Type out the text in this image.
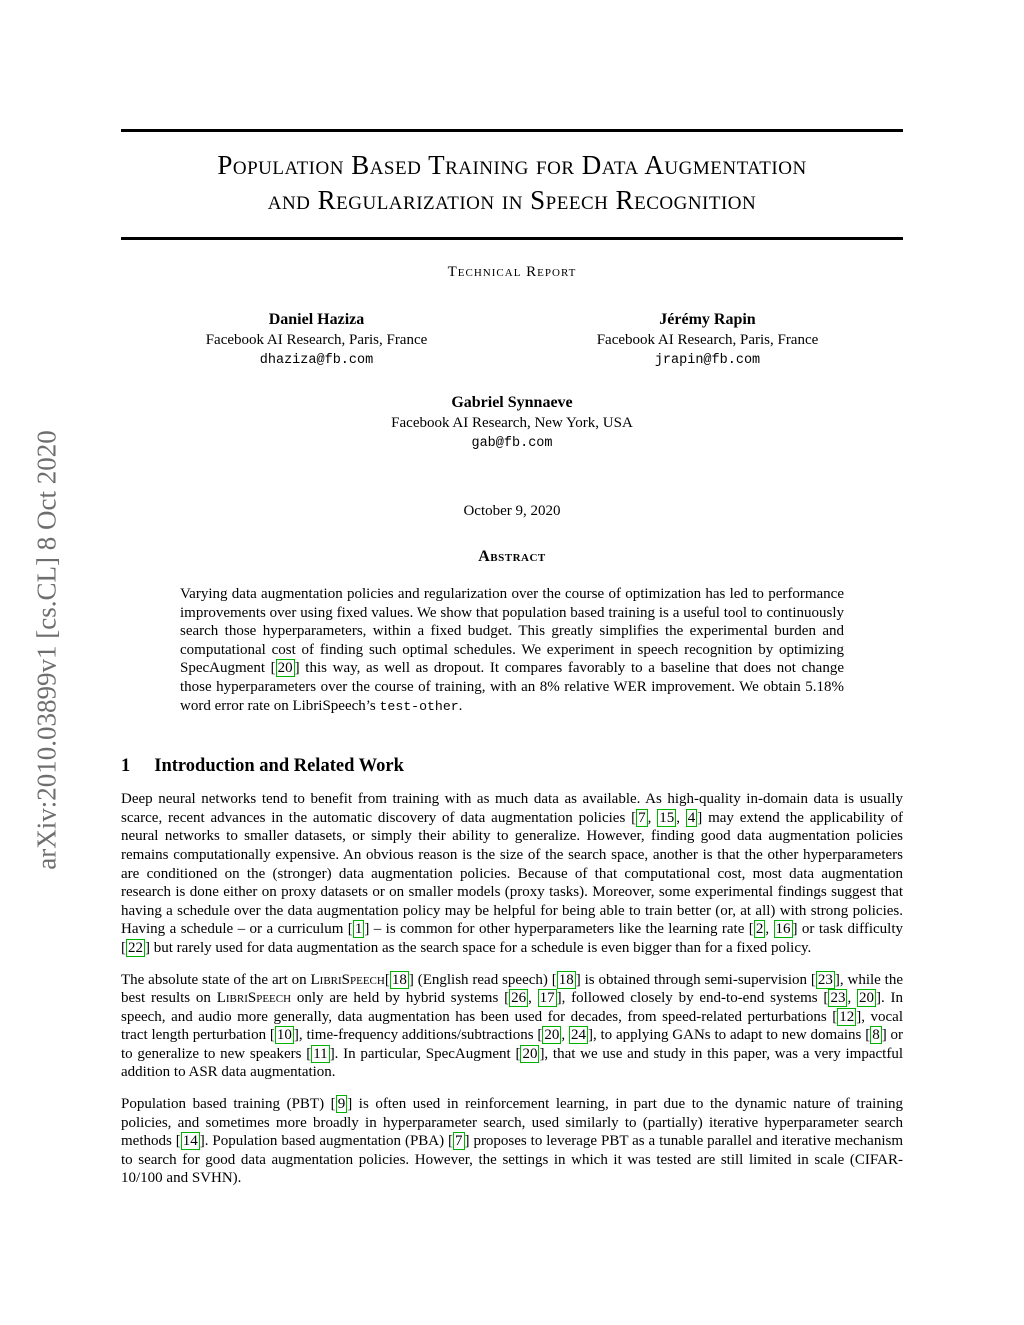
arXiv:2010.03899v1 [cs.CL] 8 Oct 2020
Population Based Training for Data Augmentation
and Regularization in Speech Recognition
Technical Report
Daniel Haziza
Facebook AI Research, Paris, France
dhaziza@fb.com
Jérémy Rapin
Facebook AI Research, Paris, France
jrapin@fb.com
Gabriel Synnaeve
Facebook AI Research, New York, USA
gab@fb.com
October 9, 2020
Abstract

Varying data augmentation policies and regularization over the course of optimization has led to performance improvements over using fixed values. We show that population based training is a useful tool to continuously search those hyperparameters, within a fixed budget. This greatly simplifies the experimental burden and computational cost of finding such optimal schedules. We experiment in speech recognition by optimizing SpecAugment [ 20 ] this way, as well as dropout. It compares favorably to a baseline that does not change those hyperparameters over the course of training, with an 8% relative WER improvement. We obtain 5.18% word error rate on LibriSpeech’s test-other.

1 Introduction and Related Work

Deep neural networks tend to benefit from training with as much data as available. As high-quality in-domain data is usually scarce, recent advances in the automatic discovery of data augmentation policies [ 7 , 15 , 4 ] may extend the applicability of neural networks to smaller datasets, or simply their ability to generalize. However, finding good data augmentation policies remains computationally expensive. An obvious reason is the size of the search space, another is that the other hyperparameters are conditioned on the (stronger) data augmentation policies. Because of that computational cost, most data augmentation research is done either on proxy datasets or on smaller models (proxy tasks). Moreover, some experimental findings suggest that having a schedule over the data augmentation policy may be helpful for being able to train better (or, at all) with strong policies. Having a schedule – or a curriculum [ 1 ] – is common for other hyperparameters like the learning rate [ 2 , 16 ] or task difficulty [ 22 ] but rarely used for data augmentation as the search space for a schedule is even bigger than for a fixed policy.

The absolute state of the art on LibriSpeech[ 18 ] (English read speech) [ 18 ] is obtained through semi-supervision [ 23 ], while the best results on LibriSpeech only are held by hybrid systems [ 26 , 17 ], followed closely by end-to-end systems [ 23 , 20 ]. In speech, and audio more generally, data augmentation has been used for decades, from speed-related perturbations [ 12 ], vocal tract length perturbation [ 10 ], time-frequency additions/subtractions [ 20 , 24 ], to applying GANs to adapt to new domains [ 8 ] or to generalize to new speakers [ 11 ]. In particular, SpecAugment [ 20 ], that we use and study in this paper, was a very impactful addition to ASR data augmentation.

Population based training (PBT) [ 9 ] is often used in reinforcement learning, in part due to the dynamic nature of training policies, and sometimes more broadly in hyperparameter search, used similarly to (partially) iterative hyperparameter search methods [ 14 ]. Population based augmentation (PBA) [ 7 ] proposes to leverage PBT as a tunable parallel and iterative mechanism to search for good data augmentation policies. However, the settings in which it was tested are still limited in scale (CIFAR-10/100 and SVHN).
